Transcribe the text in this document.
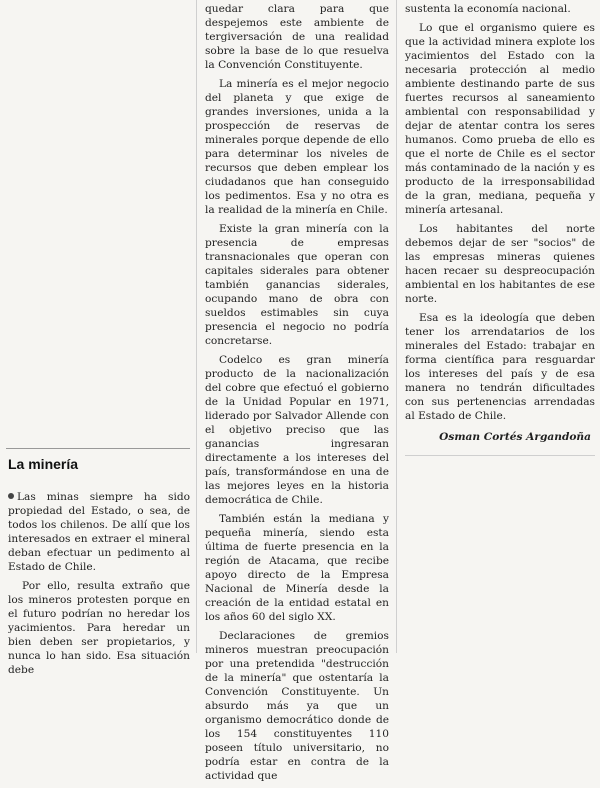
La minería

Las minas siempre ha sido propiedad del Estado, o sea, de todos los chilenos. De allí que los interesados en extraer el mineral deban efectuar un pedimento al Estado de Chile.

Por ello, resulta extraño que los mineros protesten porque en el futuro podrían no heredar los yacimientos. Para heredar un bien deben ser propietarios, y nunca lo han sido. Esa situación debe

quedar clara para que despejemos este ambiente de tergiversación de una realidad sobre la base de lo que resuelva la Convención Constituyente.

La minería es el mejor negocio del planeta y que exige de grandes inversiones, unida a la prospección de reservas de minerales porque depende de ello para determinar los niveles de recursos que deben emplear los ciudadanos que han conseguido los pedimentos. Esa y no otra es la realidad de la minería en Chile.

Existe la gran minería con la presencia de empresas transnacionales que operan con capitales siderales para obtener también ganancias siderales, ocupando mano de obra con sueldos estimables sin cuya presencia el negocio no podría concretarse.

Codelco es gran minería producto de la nacionalización del cobre que efectuó el gobierno de la Unidad Popular en 1971, liderado por Salvador Allende con el objetivo preciso que las ganancias ingresaran directamente a los intereses del país, transformándose en una de las mejores leyes en la historia democrática de Chile.

También están la mediana y pequeña minería, siendo esta última de fuerte presencia en la región de Atacama, que recibe apoyo directo de la Empresa Nacional de Minería desde la creación de la entidad estatal en los años 60 del siglo XX.

Declaraciones de gremios mineros muestran preocupación por una pretendida "destrucción de la minería" que ostentaría la Convención Constituyente. Un absurdo más ya que un organismo democrático donde de los 154 constituyentes 110 poseen título universitario, no podría estar en contra de la actividad que

sustenta la economía nacional.

Lo que el organismo quiere es que la actividad minera explote los yacimientos del Estado con la necesaria protección al medio ambiente destinando parte de sus fuertes recursos al saneamiento ambiental con responsabilidad y dejar de atentar contra los seres humanos. Como prueba de ello es que el norte de Chile es el sector más contaminado de la nación y es producto de la irresponsabilidad de la gran, mediana, pequeña y minería artesanal.

Los habitantes del norte debemos dejar de ser "socios" de las empresas mineras quienes hacen recaer su despreocupación ambiental en los habitantes de ese norte.

Esa es la ideología que deben tener los arrendatarios de los minerales del Estado: trabajar en forma científica para resguardar los intereses del país y de esa manera no tendrán dificultades con sus pertenencias arrendadas al Estado de Chile.

Osman Cortés Argandoña
